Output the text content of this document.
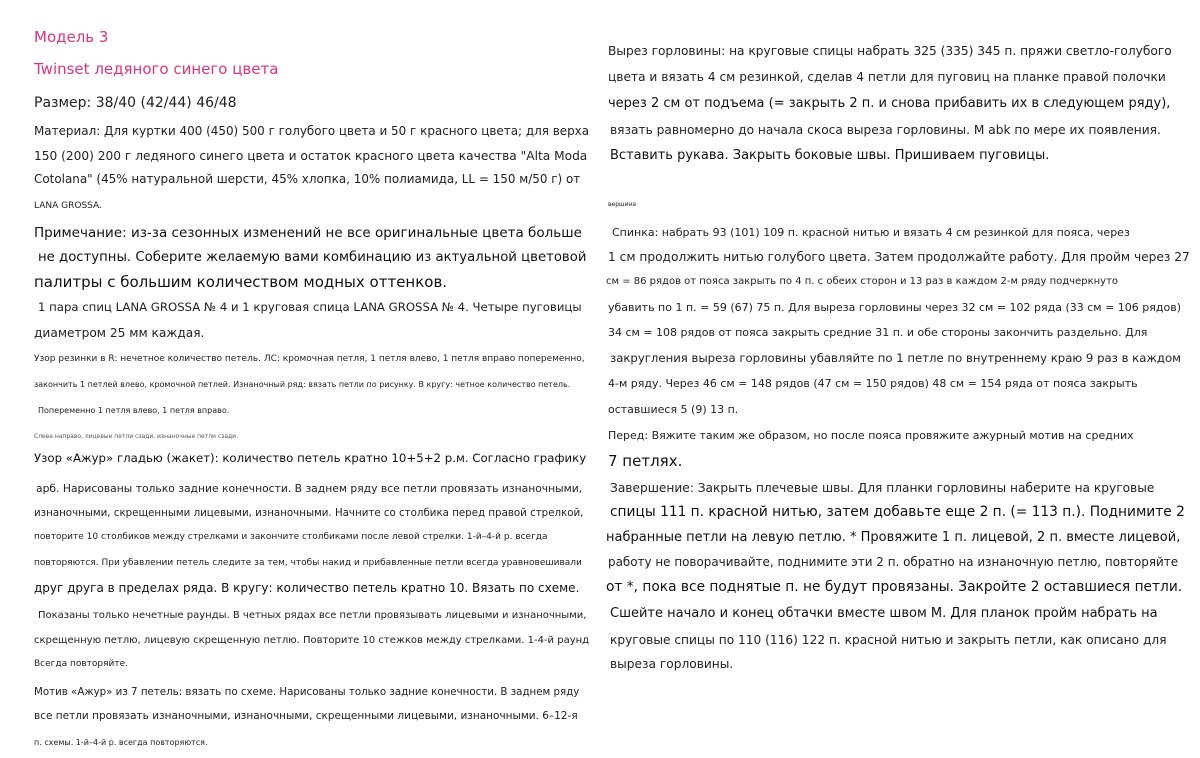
Модель 3
Twinset ледяного синего цвета
Размер: 38/40 (42/44) 46/48
Материал: Для куртки 400 (450) 500 г голубого цвета и 50 г красного цвета; для верха
150 (200) 200 г ледяного синего цвета и остаток красного цвета качества "Alta Moda
Cotolana" (45% натуральной шерсти, 45% хлопка, 10% полиамида, LL = 150 м/50 г) от
LANA GROSSA.
Примечание: из-за сезонных изменений не все оригинальные цвета больше
не доступны. Соберите желаемую вами комбинацию из актуальной цветовой
палитры с большим количеством модных оттенков.
1 пара спиц LANA GROSSA № 4 и 1 круговая спица LANA GROSSA № 4. Четыре пуговицы
диаметром 25 мм каждая.
Узор резинки в R: нечетное количество петель. ЛС: кромочная петля, 1 петля влево, 1 петля вправо попеременно,
закончить 1 петлей влево, кромочной петлей. Изнаночный ряд: вязать петли по рисунку. В кругу: четное количество петель.
Попеременно 1 петля влево, 1 петля вправо.
Слева направо, лицевые петли сзади, изнаночные петли сзади.
Узор «Ажур» гладью (жакет): количество петель кратно 10+5+2 р.м. Согласно графику
арб. Нарисованы только задние конечности. В заднем ряду все петли провязать изнаночными,
изнаночными, скрещенными лицевыми, изнаночными. Начните со столбика перед правой стрелкой,
повторите 10 столбиков между стрелками и закончите столбиками после левой стрелки. 1-й–4-й р. всегда
повторяются. При убавлении петель следите за тем, чтобы накид и прибавленные петли всегда уравновешивали
друг друга в пределах ряда. В кругу: количество петель кратно 10. Вязать по схеме.
Показаны только нечетные раунды. В четных рядах все петли провязывать лицевыми и изнаночными,
скрещенную петлю, лицевую скрещенную петлю. Повторите 10 стежков между стрелками. 1-4-й раунд
Всегда повторяйте.
Мотив «Ажур» из 7 петель: вязать по схеме. Нарисованы только задние конечности. В заднем ряду
все петли провязать изнаночными, изнаночными, скрещенными лицевыми, изнаночными. 6–12-я
п. схемы. 1-й–4-й р. всегда повторяются.
Вырез горловины: на круговые спицы набрать 325 (335) 345 п. пряжи светло-голубого
цвета и вязать 4 см резинкой, сделав 4 петли для пуговиц на планке правой полочки
через 2 см от подъема (= закрыть 2 п. и снова прибавить их в следующем ряду),
вязать равномерно до начала скоса выреза горловины. М abk по мере их появления.
Вставить рукава. Закрыть боковые швы. Пришиваем пуговицы.
вершина
Спинка: набрать 93 (101) 109 п. красной нитью и вязать 4 см резинкой для пояса, через
1 см продолжить нитью голубого цвета. Затем продолжайте работу. Для пройм через 27
см = 86 рядов от пояса закрыть по 4 п. с обеих сторон и 13 раз в каждом 2-м ряду подчеркнуто
убавить по 1 п. = 59 (67) 75 п. Для выреза горловины через 32 см = 102 ряда (33 см = 106 рядов)
34 см = 108 рядов от пояса закрыть средние 31 п. и обе стороны закончить раздельно. Для
закругления выреза горловины убавляйте по 1 петле по внутреннему краю 9 раз в каждом
4-м ряду. Через 46 см = 148 рядов (47 см = 150 рядов) 48 см = 154 ряда от пояса закрыть
оставшиеся 5 (9) 13 п.
Перед: Вяжите таким же образом, но после пояса провяжите ажурный мотив на средних
7 петлях.
Завершение: Закрыть плечевые швы. Для планки горловины наберите на круговые
спицы 111 п. красной нитью, затем добавьте еще 2 п. (= 113 п.). Поднимите 2
набранные петли на левую петлю. * Провяжите 1 п. лицевой, 2 п. вместе лицевой,
работу не поворачивайте, поднимите эти 2 п. обратно на изнаночную петлю, повторяйте
от *, пока все поднятые п. не будут провязаны. Закройте 2 оставшиеся петли.
Сшейте начало и конец обтачки вместе швом М. Для планок пройм набрать на
круговые спицы по 110 (116) 122 п. красной нитью и закрыть петли, как описано для
выреза горловины.
